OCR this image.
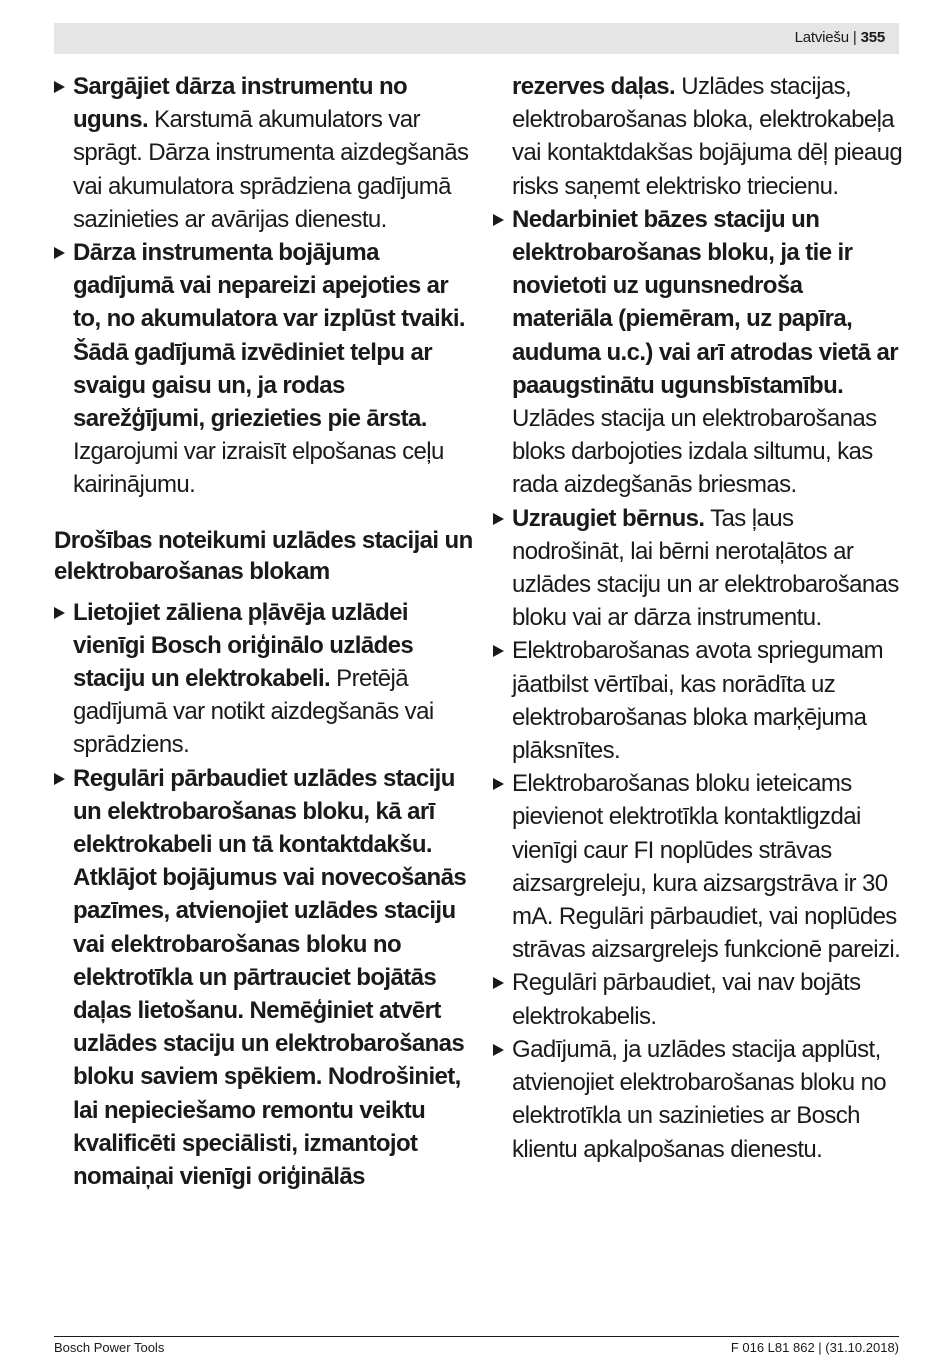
Latviešu | 355

Sargājiet dārza instrumentu no uguns. Karstumā akumulators var sprāgt. Dārza instrumenta aizdegšanās vai akumulatora sprādziena gadījumā sazinieties ar avārijas dienestu.

Dārza instrumenta bojājuma gadījumā vai nepareizi apejoties ar to, no akumulatora var izplūst tvaiki. Šādā gadījumā izvēdiniet telpu ar svaigu gaisu un, ja rodas sarežģījumi, griezieties pie ārsta. Izgarojumi var izraisīt elpošanas ceļu kairinājumu.

Drošības noteikumi uzlādes stacijai un elektrobarošanas blokam

Lietojiet zāliena pļāvēja uzlādei vienīgi Bosch oriģinālo uzlādes staciju un elektrokabeli. Pretējā gadījumā var notikt aizdegšanās vai sprādziens.

Regulāri pārbaudiet uzlādes staciju un elektrobarošanas bloku, kā arī elektrokabeli un tā kontaktdakšu. Atklājot bojājumus vai novecošanās pazīmes, atvienojiet uzlādes staciju vai elektrobarošanas bloku no elektrotīkla un pārtrauciet bojātās daļas lietošanu. Nemēģiniet atvērt uzlādes staciju un elektrobarošanas bloku saviem spēkiem. Nodrošiniet, lai nepieciešamo remontu veiktu kvalificēti speciālisti, izmantojot nomaiņai vienīgi oriģinālās

rezerves daļas. Uzlādes stacijas, elektrobarošanas bloka, elektrokabeļa vai kontaktdakšas bojājuma dēļ pieaug risks saņemt elektrisko triecienu.

Nedarbiniet bāzes staciju un elektrobarošanas bloku, ja tie ir novietoti uz ugunsnedroša materiāla (piemēram, uz papīra, auduma u.c.) vai arī atrodas vietā ar paaugstinātu ugunsbīstamību. Uzlādes stacija un elektrobarošanas bloks darbojoties izdala siltumu, kas rada aizdegšanās briesmas.

Uzraugiet bērnus. Tas ļaus nodrošināt, lai bērni nerotaļātos ar uzlādes staciju un ar elektrobarošanas bloku vai ar dārza instrumentu.

Elektrobarošanas avota spriegumam jāatbilst vērtībai, kas norādīta uz elektrobarošanas bloka marķējuma plāksnītes.

Elektrobarošanas bloku ieteicams pievienot elektrotīkla kontaktligzdai vienīgi caur FI noplūdes strāvas aizsargreleju, kura aizsargstrāva ir 30 mA. Regulāri pārbaudiet, vai noplūdes strāvas aizsargrelejs funkcionē pareizi.

Regulāri pārbaudiet, vai nav bojāts elektrokabelis.

Gadījumā, ja uzlādes stacija applūst, atvienojiet elektrobarošanas bloku no elektrotīkla un sazinieties ar Bosch klientu apkalpošanas dienestu.

Bosch Power Tools	F 016 L81 862 | (31.10.2018)
